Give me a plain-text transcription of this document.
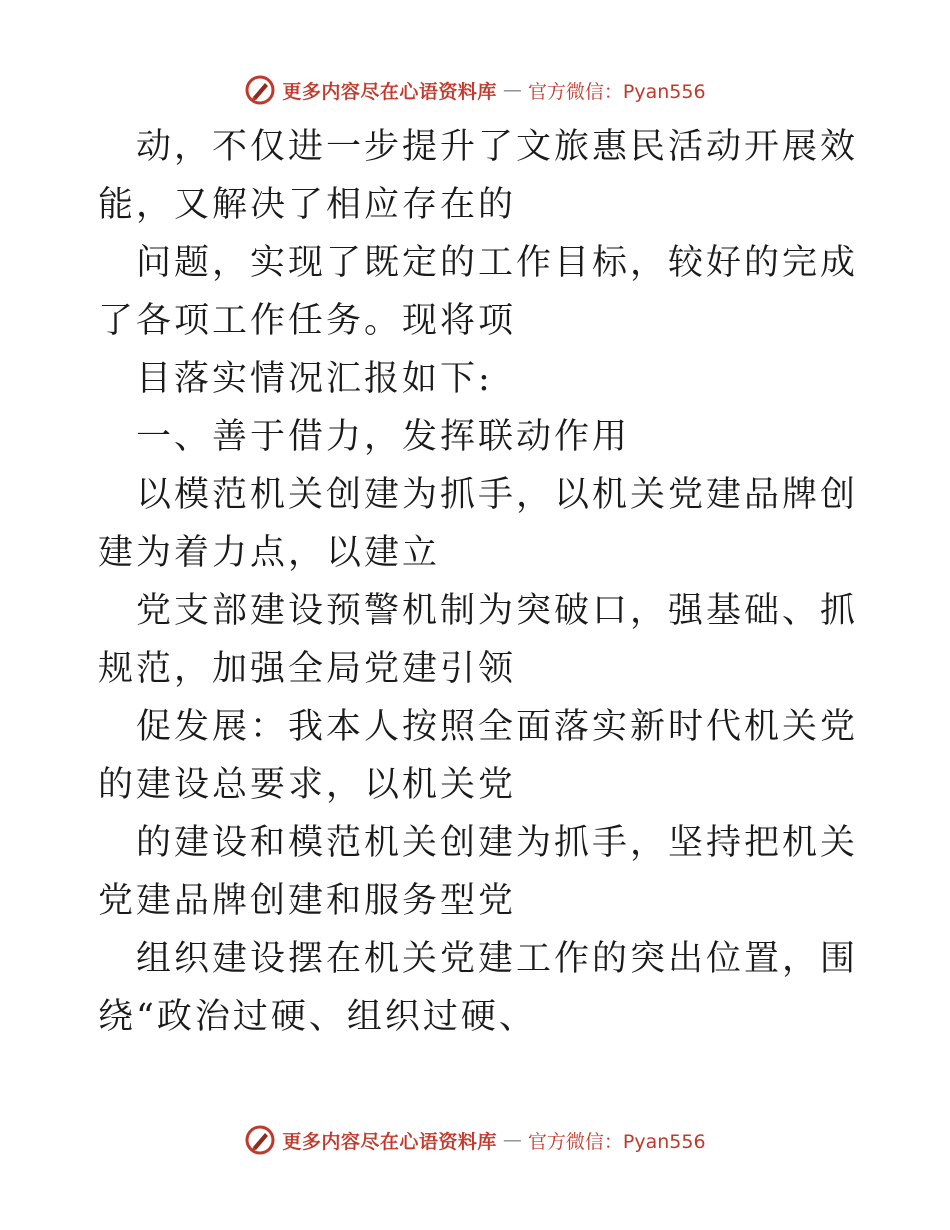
更多内容尽在心语资料库 — 官方微信：Pyan556

动，不仅进一步提升了文旅惠民活动开展效能，又解决了相应存在的

问题，实现了既定的工作目标，较好的完成了各项工作任务。现将项

目落实情况汇报如下:

一、善于借力，发挥联动作用

以模范机关创建为抓手，以机关党建品牌创建为着力点，以建立

党支部建设预警机制为突破口，强基础、抓规范，加强全局党建引领

促发展：我本人按照全面落实新时代机关党的建设总要求，以机关党

的建设和模范机关创建为抓手，坚持把机关党建品牌创建和服务型党

组织建设摆在机关党建工作的突出位置，围绕“政治过硬、组织过硬、

更多内容尽在心语资料库 — 官方微信：Pyan556
